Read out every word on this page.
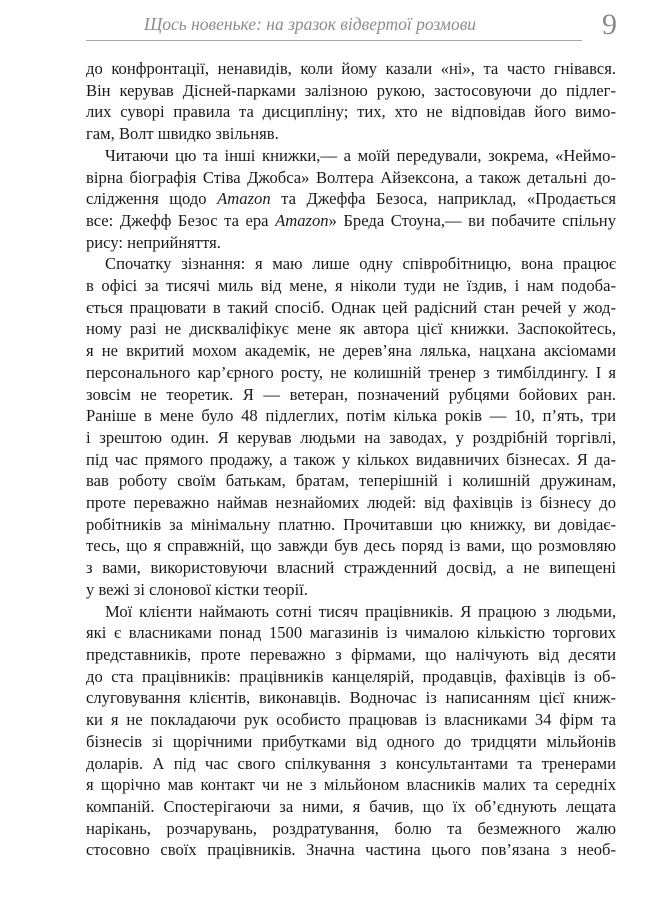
Щось новеньке: на зразок відвертої розмови	9
до конфронтації, ненавидів, коли йому казали «ні», та часто гнівався.
Він керував Дісней-парками залізною рукою, застосовуючи до підлег-
лих суворі правила та дисципліну; тих, хто не відповідав його вимо-
гам, Волт швидко звільняв.
Читаючи цю та інші книжки,— а моїй передували, зокрема, «Неймо-
вірна біографія Стіва Джобса» Волтера Айзексона, а також детальні до-
слідження щодо Amazon та Джеффа Безоса, наприклад, «Продається
все: Джефф Безос та ера Amazon» Бреда Стоуна,— ви побачите спільну
рису: неприйняття.
Спочатку зізнання: я маю лише одну співробітницю, вона працює
в офісі за тисячі миль від мене, я ніколи туди не їздив, і нам подоба-
ється працювати в такий спосіб. Однак цей радісний стан речей у жод-
ному разі не дискваліфікує мене як автора цієї книжки. Заспокойтесь,
я не вкритий мохом академік, не дерев’яна лялька, нацхана аксіомами
персонального кар’єрного росту, не колишній тренер з тимбілдингу. І я
зовсім не теоретик. Я — ветеран, позначений рубцями бойових ран.
Раніше в мене було 48 підлеглих, потім кілька років — 10, п’ять, три
і зрештою один. Я керував людьми на заводах, у роздрібній торгівлі,
під час прямого продажу, а також у кількох видавничих бізнесах. Я да-
вав роботу своїм батькам, братам, теперішній і колишній дружинам,
проте переважно наймав незнайомих людей: від фахівців із бізнесу до
робітників за мінімальну платню. Прочитавши цю книжку, ви довідає-
тесь, що я справжній, що завжди був десь поряд із вами, що розмовляю
з вами, використовуючи власний стражденний досвід, а не випещені
у вежі зі слонової кістки теорії.
Мої клієнти наймають сотні тисяч працівників. Я працюю з людьми,
які є власниками понад 1500 магазинів із чималою кількістю торгових
представників, проте переважно з фірмами, що налічують від десяти
до ста працівників: працівників канцелярій, продавців, фахівців із об-
слуговування клієнтів, виконавців. Водночас із написанням цієї книж-
ки я не покладаючи рук особисто працював із власниками 34 фірм та
бізнесів зі щорічними прибутками від одного до тридцяти мільйонів
доларів. А під час свого спілкування з консультантами та тренерами
я щорічно мав контакт чи не з мільйоном власників малих та середніх
компаній. Спостерігаючи за ними, я бачив, що їх об’єднують лещата
нарікань, розчарувань, роздратування, болю та безмежного жалю
стосовно своїх працівників. Значна частина цього пов’язана з необ-
